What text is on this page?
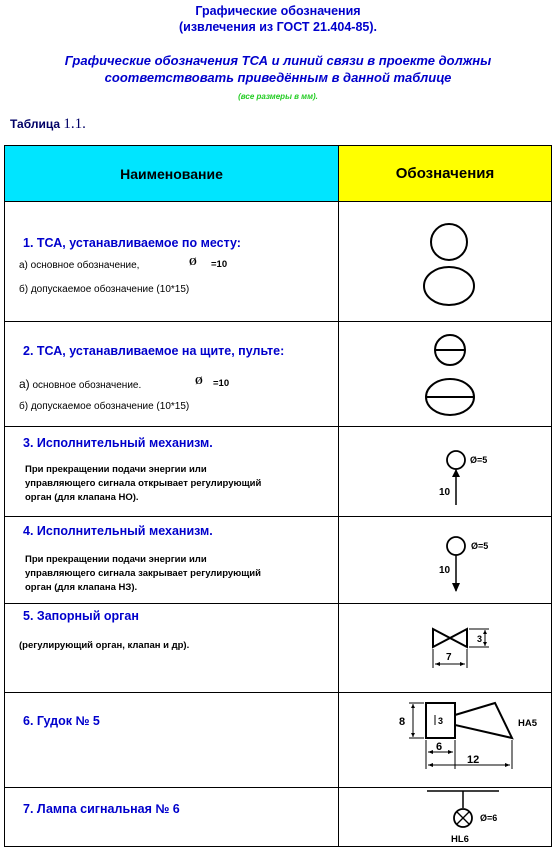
Графические обозначения
(извлечения из ГОСТ 21.404-85).
Графические обозначения ТСА и линий связи в проекте должны
соответствовать приведённым в данной таблице
(все размеры в мм).
Таблица 1.1.
Наименование	Обозначения
1. ТСА, устанавливаемое по месту:
а) основное обозначение,	Ø =10
б) допускаемое обозначение (10*15)
2. ТСА, устанавливаемое на щите, пульте:
а) основное обозначение.	Ø =10
б) допускаемое обозначение (10*15)
3. Исполнительный механизм.
При прекращении подачи энергии или
управляющего сигнала открывает регулирующий
орган (для клапана НО).
Ø=5
10
4. Исполнительный механизм.
При прекращении подачи энергии или
управляющего сигнала закрывает регулирующий
орган (для клапана НЗ).
Ø=5
10
5. Запорный орган
(регулирующий орган, клапан и др).
7
3
6. Гудок № 5	8	3
6
12
НА5
7. Лампа сигнальная № 6
Ø=6
HL6
